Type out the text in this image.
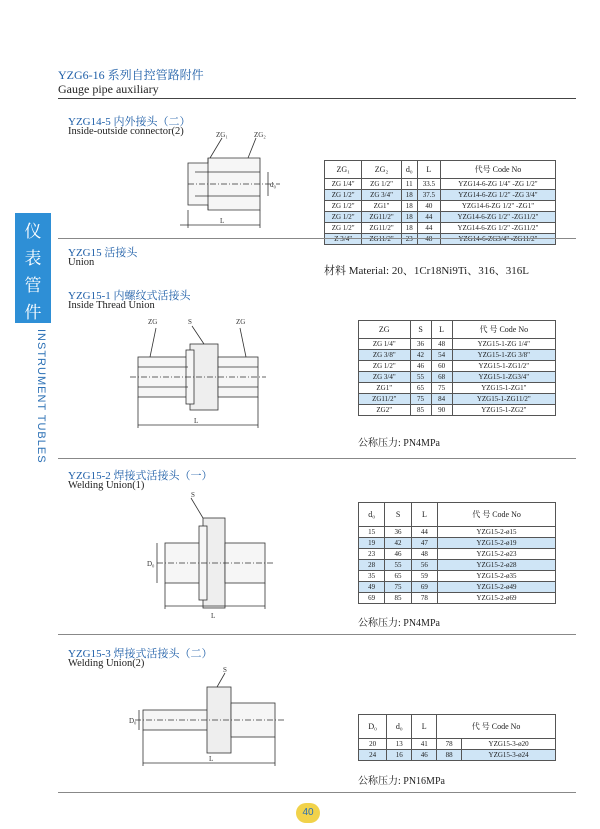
YZG6-16 系列自控管路附件
Gauge pipe auxiliary
仪
表
管
件
INSTRUMENT TUBLES
YZG14-5 内外接头（二）
Inside-outside connector(2)	ZG₁	ZG₂
d₀
L
ZG₁	ZG₂	d₀	L	代号 Code No
ZG 1/4"	ZG 1/2"	11	33.5	YZG14-6-ZG 1/4" -ZG 1/2"
ZG 1/2"	ZG 3/4"	18	37.5	YZG14-6-ZG 1/2" -ZG 3/4"
ZG 1/2"	ZG1"	18	40	YZG14-6-ZG 1/2" -ZG1"
ZG 1/2"	ZG11/2"	18	44	YZG14-6-ZG 1/2" -ZG11/2"
ZG 1/2"	ZG11/2"	18	44	YZG14-6-ZG 1/2" -ZG11/2"
Z 3/4"	ZG11/2"	23	48	YZG14-6-ZG3/4" -ZG11/2"
YZG15 活接头
Union
材料 Material: 20、1Cr18Ni9Ti、316、316L
YZG15-1 内螺纹式活接头
Inside Thread Union
ZG	S	ZG
L
ZG	S	L	代 号 Code No
ZG 1/4"	36	48	YZG15-1-ZG 1/4"
ZG 3/8"	42	54	YZG15-1-ZG 3/8"
ZG 1/2"	46	60	YZG15-1-ZG1/2"
ZG 3/4"	55	68	YZG15-1-ZG3/4"
ZG1"	65	75	YZG15-1-ZG1"
ZG11/2"	75	84	YZG15-1-ZG11/2"
ZG2"	85	90	YZG15-1-ZG2"
公称压力: PN4MPa
YZG15-2 焊接式活接头（一）
Welding Union(1)
S
D₀
L
d₀	S	L	代 号 Code No
15	36	44	YZG15-2-ø15
19	42	47	YZG15-2-ø19
23	46	48	YZG15-2-ø23
28	55	56	YZG15-2-ø28
35	65	59	YZG15-2-ø35
49	75	69	YZG15-2-ø49
69	85	78	YZG15-2-ø69
公称压力: PN4MPa
YZG15-3 焊接式活接头（二）
Welding Union(2)
S
D₀
L
D₀	d₀	L	代 号 Code No	
20	13	41	78	YZG15-3-ø20
24	16	46	88	YZG15-3-ø24
公称压力: PN16MPa
40
